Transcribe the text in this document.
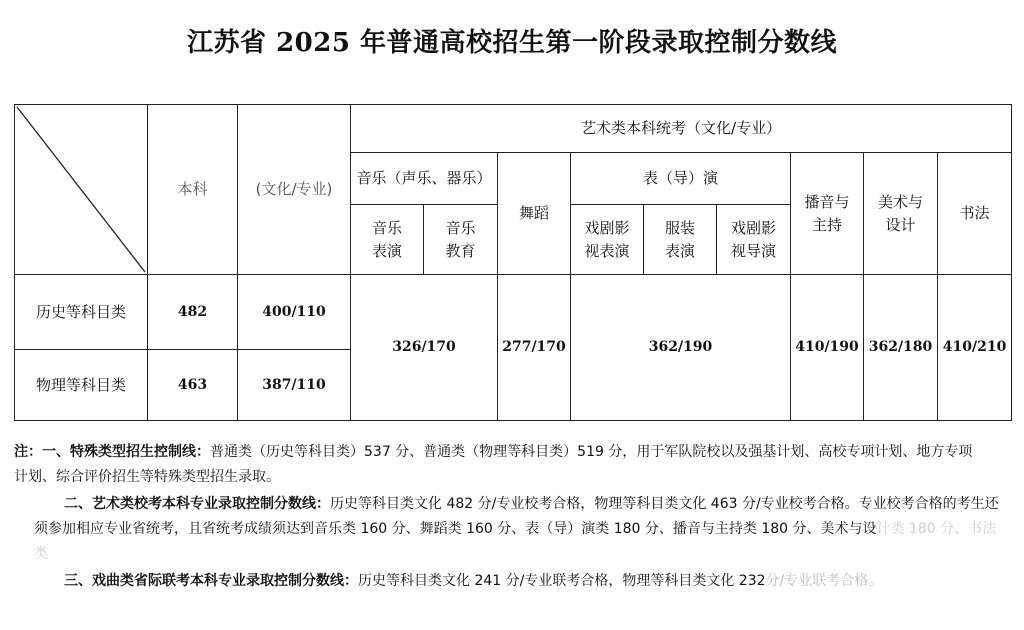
江苏省 2025 年普通高校招生第一阶段录取控制分数线
	本科	(文化/专业)	艺术类本科统考（文化/专业）								
			音乐（声乐、器乐）		舞蹈	表（导）演			播音与主持	美术与设计	书法
			音乐表演	音乐教育		戏剧影视表演	服装表演	戏剧影视导演			
历史等科目类	482	400/110	326/170		277/170	362/190			410/190	362/180	410/210
物理等科目类	463	387/110									

注：一、特殊类型招生控制线：普通类（历史等科目类）537 分、普通类（物理等科目类）519 分，用于军队院校以及强基计划、高校专项计划、地方专项计划、综合评价招生等特殊类型招生录取。

二、艺术类校考本科专业录取控制分数线：历史等科目类文化 482 分/专业校考合格，物理等科目类文化 463 分/专业校考合格。专业校考合格的考生还须参加相应专业省统考，且省统考成绩须达到音乐类 160 分、舞蹈类 160 分、表（导）演类 180 分、播音与主持类 180 分、美术与设计类 180 分、书法类

三、戏曲类省际联考本科专业录取控制分数线：历史等科目类文化 241 分/专业联考合格，物理等科目类文化 232分/专业联考合格。
